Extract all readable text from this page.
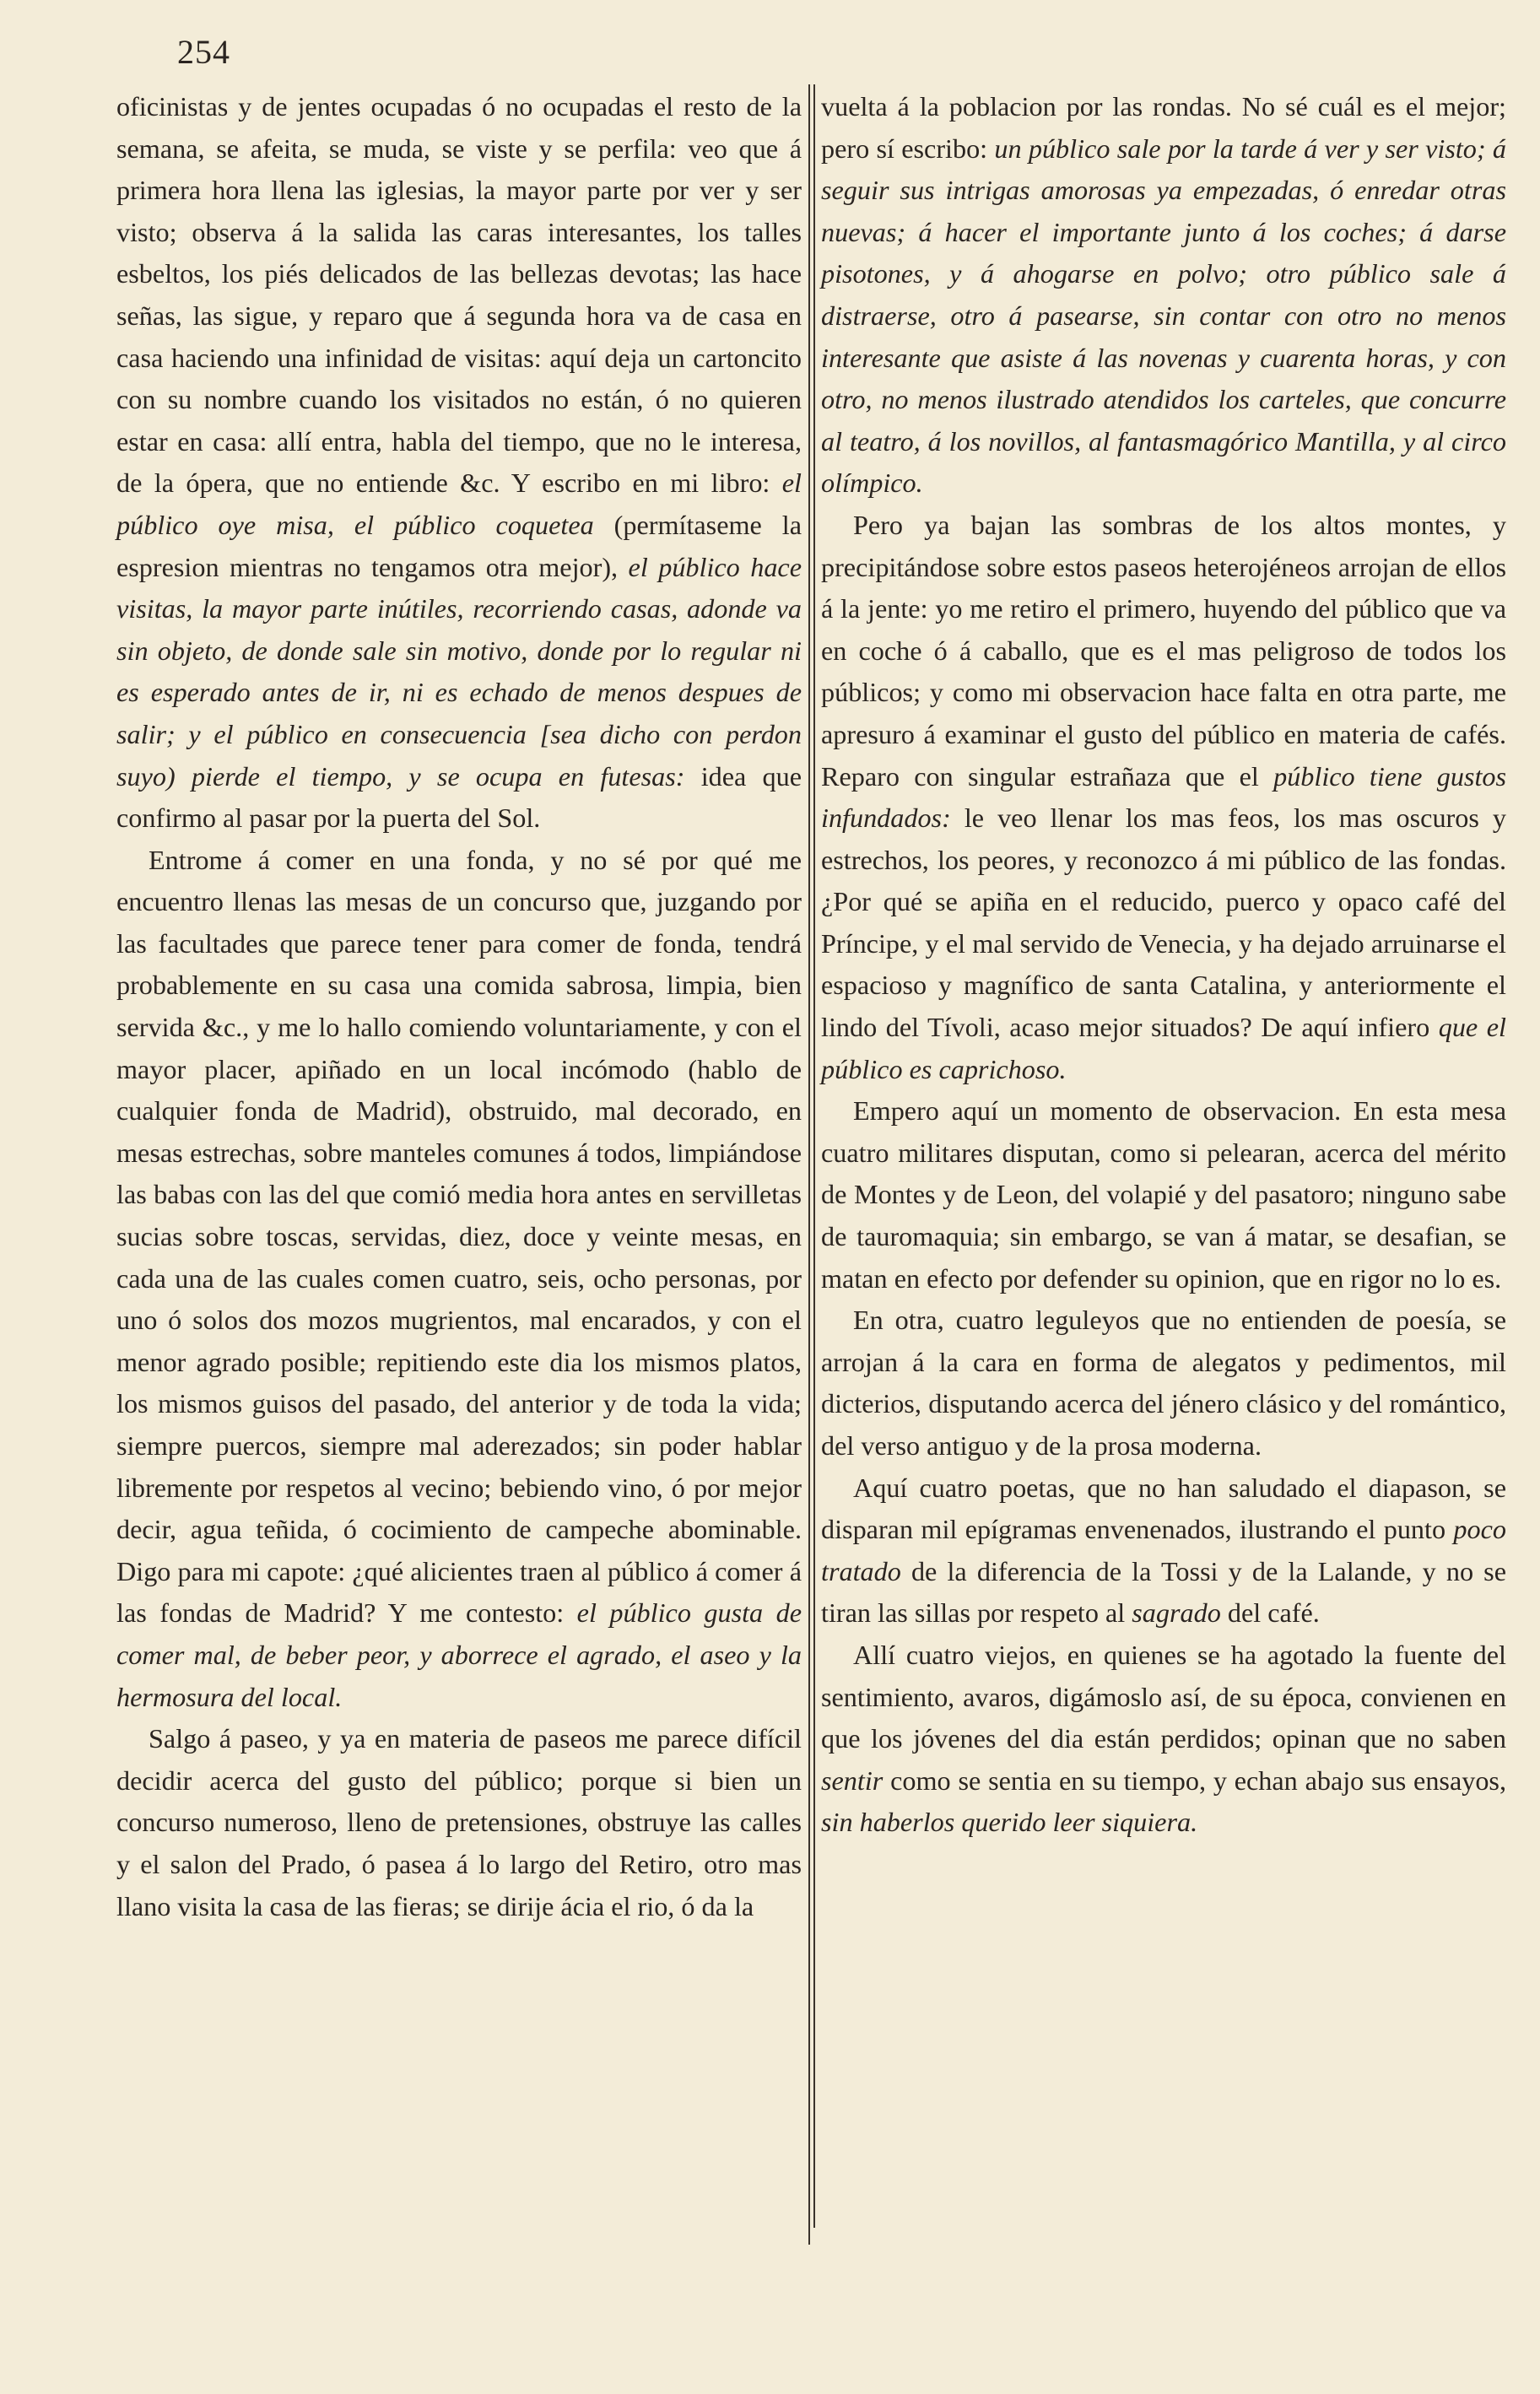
254

oficinistas y de jentes ocupadas ó no ocupadas el resto de la semana, se afeita, se muda, se viste y se perfila: veo que á primera hora llena las iglesias, la mayor parte por ver y ser visto; observa á la salida las caras interesantes, los talles esbeltos, los piés delicados de las bellezas devotas; las hace señas, las sigue, y reparo que á segunda hora va de casa en casa haciendo una infinidad de visitas: aquí deja un cartoncito con su nombre cuando los visitados no están, ó no quieren estar en casa: allí entra, habla del tiempo, que no le interesa, de la ópera, que no entiende &c. Y escribo en mi libro: el público oye misa, el público coquetea (permítaseme la espresion mientras no tengamos otra mejor), el público hace visitas, la mayor parte inútiles, recorriendo casas, adonde va sin objeto, de donde sale sin motivo, donde por lo regular ni es esperado antes de ir, ni es echado de menos despues de salir; y el público en consecuencia [sea dicho con perdon suyo) pierde el tiempo, y se ocupa en futesas: idea que confirmo al pasar por la puerta del Sol.

Entrome á comer en una fonda, y no sé por qué me encuentro llenas las mesas de un concurso que, juzgando por las facultades que parece tener para comer de fonda, tendrá probablemente en su casa una comida sabrosa, limpia, bien servida &c., y me lo hallo comiendo voluntariamente, y con el mayor placer, apiñado en un local incómodo (hablo de cualquier fonda de Madrid), obstruido, mal decorado, en mesas estrechas, sobre manteles comunes á todos, limpiándose las babas con las del que comió media hora antes en servilletas sucias sobre toscas, servidas, diez, doce y veinte mesas, en cada una de las cuales comen cuatro, seis, ocho personas, por uno ó solos dos mozos mugrientos, mal encarados, y con el menor agrado posible; repitiendo este dia los mismos platos, los mismos guisos del pasado, del anterior y de toda la vida; siempre puercos, siempre mal aderezados; sin poder hablar libremente por respetos al vecino; bebiendo vino, ó por mejor decir, agua teñida, ó cocimiento de campeche abominable. Digo para mi capote: ¿qué alicientes traen al público á comer á las fondas de Madrid? Y me contesto: el público gusta de comer mal, de beber peor, y aborrece el agrado, el aseo y la hermosura del local.

Salgo á paseo, y ya en materia de paseos me parece difícil decidir acerca del gusto del público; porque si bien un concurso numeroso, lleno de pretensiones, obstruye las calles y el salon del Prado, ó pasea á lo largo del Retiro, otro mas llano visita la casa de las fieras; se dirije ácia el rio, ó da la

vuelta á la poblacion por las rondas. No sé cuál es el mejor; pero sí escribo: un público sale por la tarde á ver y ser visto; á seguir sus intrigas amorosas ya empezadas, ó enredar otras nuevas; á hacer el importante junto á los coches; á darse pisotones, y á ahogarse en polvo; otro público sale á distraerse, otro á pasearse, sin contar con otro no menos interesante que asiste á las novenas y cuarenta horas, y con otro, no menos ilustrado atendidos los carteles, que concurre al teatro, á los novillos, al fantasmagórico Mantilla, y al circo olímpico.

Pero ya bajan las sombras de los altos montes, y precipitándose sobre estos paseos heterojéneos arrojan de ellos á la jente: yo me retiro el primero, huyendo del público que va en coche ó á caballo, que es el mas peligroso de todos los públicos; y como mi observacion hace falta en otra parte, me apresuro á examinar el gusto del público en materia de cafés. Reparo con singular estrañaza que el público tiene gustos infundados: le veo llenar los mas feos, los mas oscuros y estrechos, los peores, y reconozco á mi público de las fondas. ¿Por qué se apiña en el reducido, puerco y opaco café del Príncipe, y el mal servido de Venecia, y ha dejado arruinarse el espacioso y magnífico de santa Catalina, y anteriormente el lindo del Tívoli, acaso mejor situados? De aquí infiero que el público es caprichoso.

Empero aquí un momento de observacion. En esta mesa cuatro militares disputan, como si pelearan, acerca del mérito de Montes y de Leon, del volapié y del pasatoro; ninguno sabe de tauromaquia; sin embargo, se van á matar, se desafian, se matan en efecto por defender su opinion, que en rigor no lo es.

En otra, cuatro leguleyos que no entienden de poesía, se arrojan á la cara en forma de alegatos y pedimentos, mil dicterios, disputando acerca del jénero clásico y del romántico, del verso antiguo y de la prosa moderna.

Aquí cuatro poetas, que no han saludado el diapason, se disparan mil epígramas envenenados, ilustrando el punto poco tratado de la diferencia de la Tossi y de la Lalande, y no se tiran las sillas por respeto al sagrado del café.

Allí cuatro viejos, en quienes se ha agotado la fuente del sentimiento, avaros, digámoslo así, de su época, convienen en que los jóvenes del dia están perdidos; opinan que no saben sentir como se sentia en su tiempo, y echan abajo sus ensayos, sin haberlos querido leer siquiera.
